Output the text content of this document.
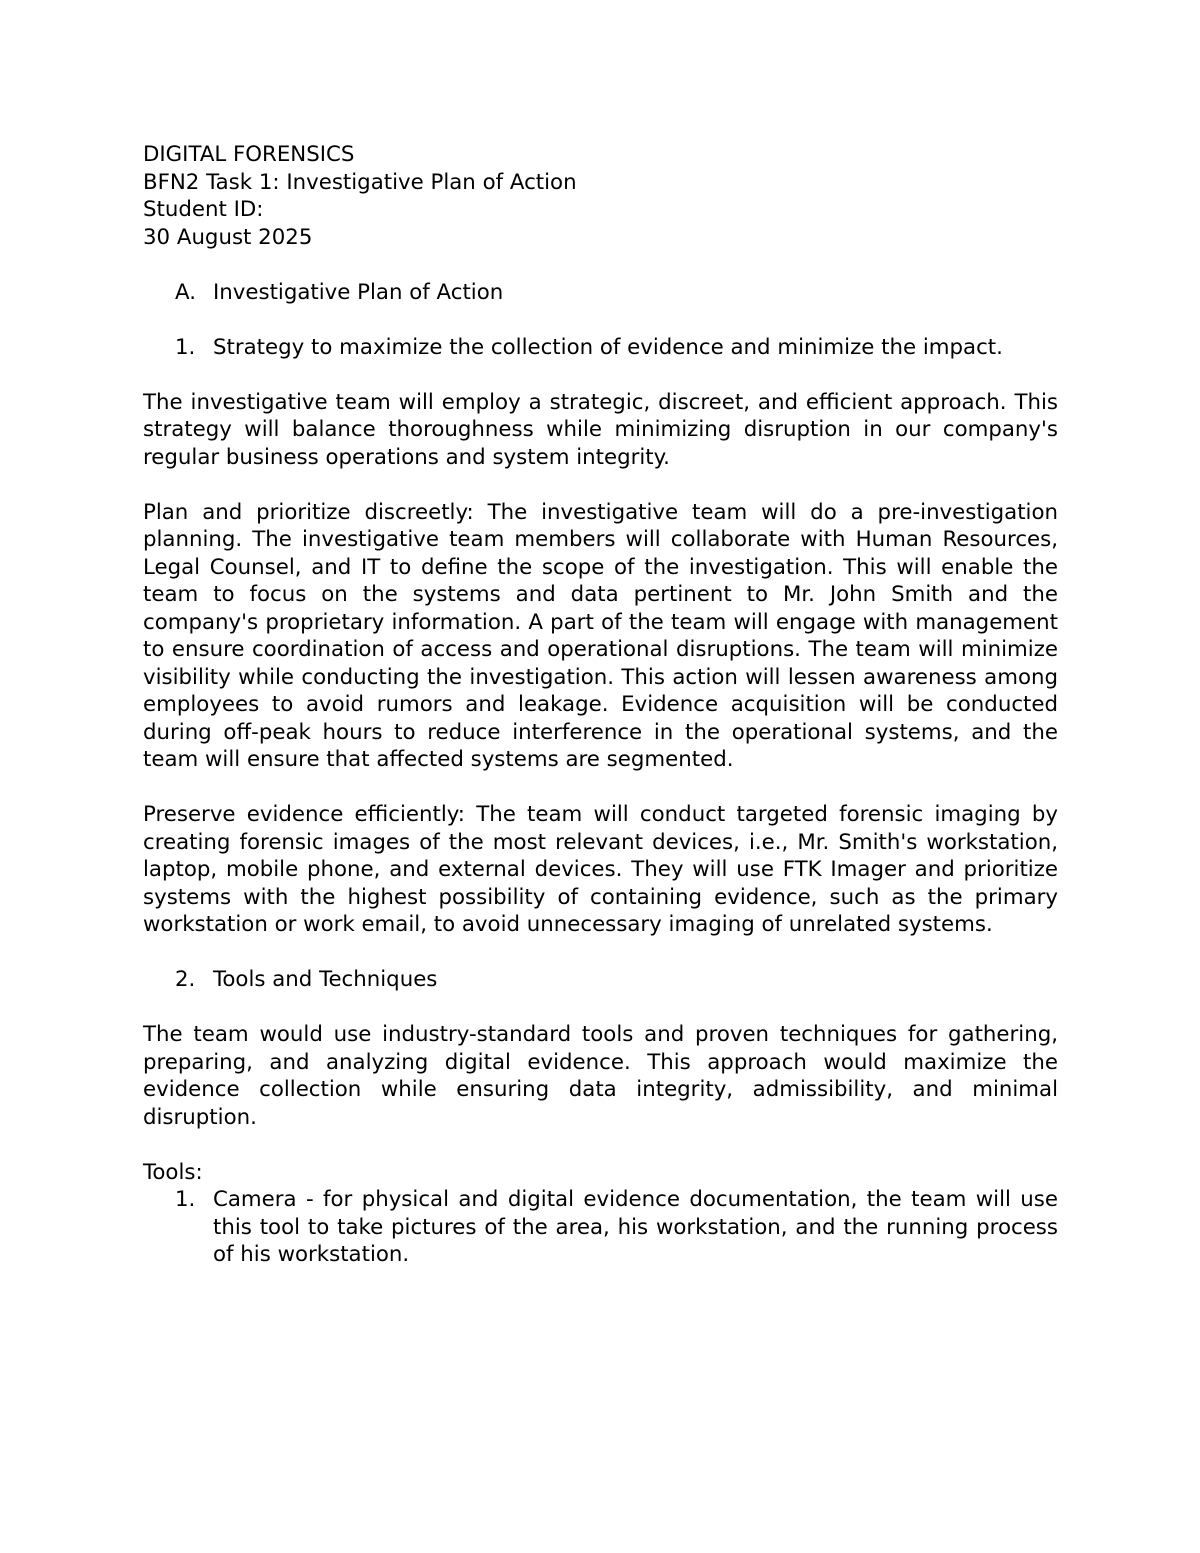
DIGITAL FORENSICS

BFN2 Task 1: Investigative Plan of Action

Student ID:

30 August 2025

A. Investigative Plan of Action
1. Strategy to maximize the collection of evidence and minimize the impact.

The investigative team will employ a strategic, discreet, and efficient approach. This strategy will balance thoroughness while minimizing disruption in our company's regular business operations and system integrity.

Plan and prioritize discreetly: The investigative team will do a pre-investigation planning. The investigative team members will collaborate with Human Resources, Legal Counsel, and IT to define the scope of the investigation. This will enable the team to focus on the systems and data pertinent to Mr. John Smith and the company's proprietary information. A part of the team will engage with management to ensure coordination of access and operational disruptions. The team will minimize visibility while conducting the investigation. This action will lessen awareness among employees to avoid rumors and leakage. Evidence acquisition will be conducted during off-peak hours to reduce interference in the operational systems, and the team will ensure that affected systems are segmented.

Preserve evidence efficiently: The team will conduct targeted forensic imaging by creating forensic images of the most relevant devices, i.e., Mr. Smith's workstation, laptop, mobile phone, and external devices. They will use FTK Imager and prioritize systems with the highest possibility of containing evidence, such as the primary workstation or work email, to avoid unnecessary imaging of unrelated systems.

2. Tools and Techniques

The team would use industry-standard tools and proven techniques for gathering, preparing, and analyzing digital evidence. This approach would maximize the evidence collection while ensuring data integrity, admissibility, and minimal disruption.

Tools:

1. Camera - for physical and digital evidence documentation, the team will use this tool to take pictures of the area, his workstation, and the running process of his workstation.
